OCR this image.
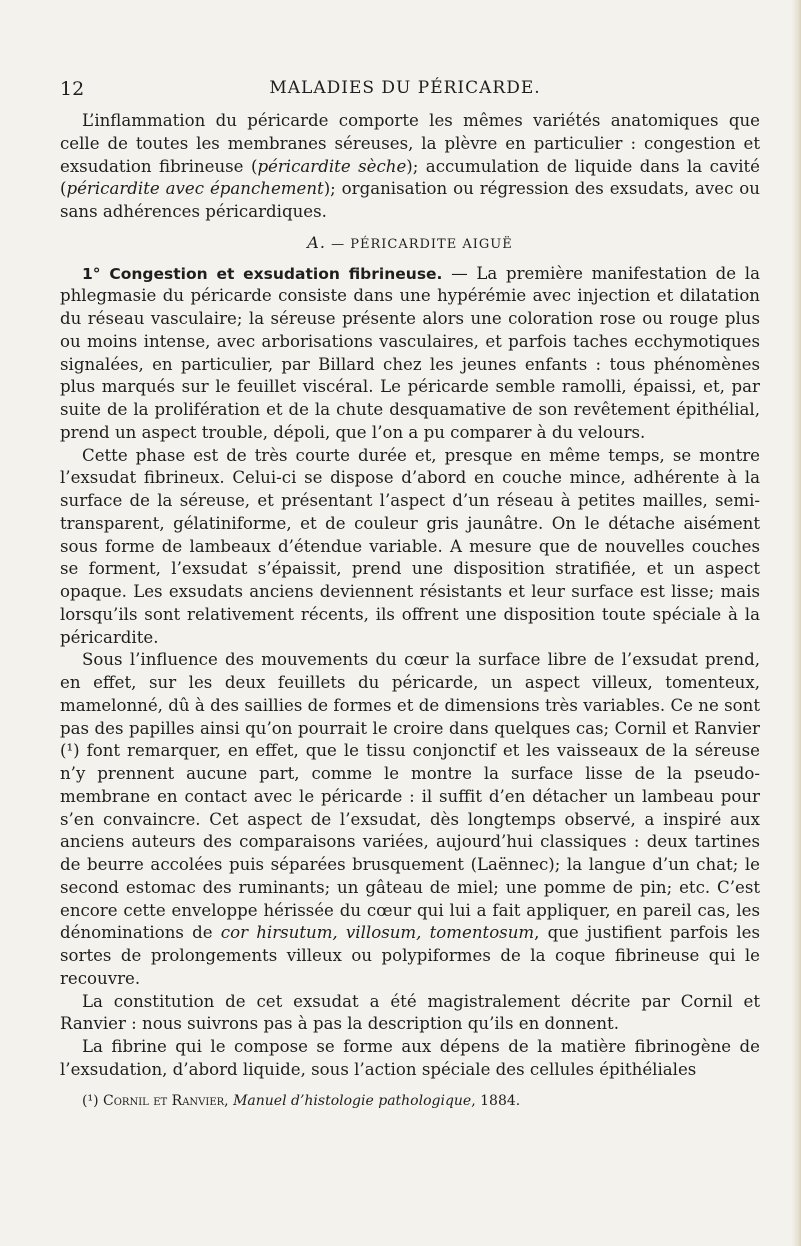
12	MALADIES DU PÉRICARDE.

L’inflammation du péricarde comporte les mêmes variétés anatomiques que celle de toutes les membranes séreuses, la plèvre en particulier : congestion et exsudation fibrineuse (péricardite sèche); accumulation de liquide dans la cavité (péricardite avec épanchement); organisation ou régression des exsudats, avec ou sans adhérences péricardiques.

A. — PÉRICARDITE AIGUË

1° Congestion et exsudation fibrineuse. — La première manifestation de la phlegmasie du péricarde consiste dans une hypérémie avec injection et dilatation du réseau vasculaire; la séreuse présente alors une coloration rose ou rouge plus ou moins intense, avec arborisations vasculaires, et parfois taches ecchymotiques signalées, en particulier, par Billard chez les jeunes enfants : tous phénomènes plus marqués sur le feuillet viscéral. Le péricarde semble ramolli, épaissi, et, par suite de la prolifération et de la chute desquamative de son revêtement épithélial, prend un aspect trouble, dépoli, que l’on a pu comparer à du velours.

Cette phase est de très courte durée et, presque en même temps, se montre l’exsudat fibrineux. Celui-ci se dispose d’abord en couche mince, adhérente à la surface de la séreuse, et présentant l’aspect d’un réseau à petites mailles, semi-transparent, gélatiniforme, et de couleur gris jaunâtre. On le détache aisément sous forme de lambeaux d’étendue variable. A mesure que de nouvelles couches se forment, l’exsudat s’épaissit, prend une disposition stratifiée, et un aspect opaque. Les exsudats anciens deviennent résistants et leur surface est lisse; mais lorsqu’ils sont relativement récents, ils offrent une disposition toute spéciale à la péricardite.

Sous l’influence des mouvements du cœur la surface libre de l’exsudat prend, en effet, sur les deux feuillets du péricarde, un aspect villeux, tomenteux, mamelonné, dû à des saillies de formes et de dimensions très variables. Ce ne sont pas des papilles ainsi qu’on pourrait le croire dans quelques cas; Cornil et Ranvier (¹) font remarquer, en effet, que le tissu conjonctif et les vaisseaux de la séreuse n’y prennent aucune part, comme le montre la surface lisse de la pseudo-membrane en contact avec le péricarde : il suffit d’en détacher un lambeau pour s’en convaincre. Cet aspect de l’exsudat, dès longtemps observé, a inspiré aux anciens auteurs des comparaisons variées, aujourd’hui classiques : deux tartines de beurre accolées puis séparées brusquement (Laënnec); la langue d’un chat; le second estomac des ruminants; un gâteau de miel; une pomme de pin; etc. C’est encore cette enveloppe hérissée du cœur qui lui a fait appliquer, en pareil cas, les dénominations de cor hirsutum, villosum, tomentosum, que justifient parfois les sortes de prolongements villeux ou polypiformes de la coque fibrineuse qui le recouvre.

La constitution de cet exsudat a été magistralement décrite par Cornil et Ranvier : nous suivrons pas à pas la description qu’ils en donnent.

La fibrine qui le compose se forme aux dépens de la matière fibrinogène de l’exsudation, d’abord liquide, sous l’action spéciale des cellules épithéliales

(¹) Cornil et Ranvier, Manuel d’histologie pathologique, 1884.
